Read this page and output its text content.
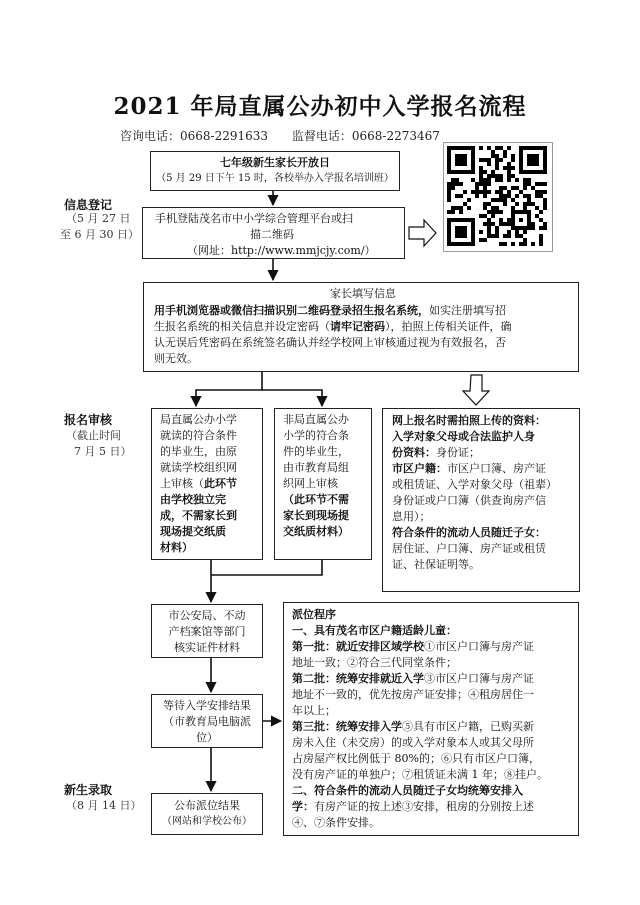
2021 年局直属公办初中入学报名流程
咨询电话：0668-2291633 监督电话：0668-2273467
信息登记
（5 月 27 日
至 6 月 30 日）
报名审核
（截止时间
7 月 5 日）
新生录取
（8 月 14 日）
七年级新生家长开放日
（5 月 29 日下午 15 时，各校举办入学报名培训班）
手机登陆茂名市中小学综合管理平台或扫
描二维码
（网址：http://www.mmjcjy.com/）
家长填写信息
用手机浏览器或微信扫描识别二维码登录招生报名系统，如实注册填写招
生报名系统的相关信息并设定密码（请牢记密码），拍照上传相关证件，确
认无误后凭密码在系统签名确认并经学校网上审核通过视为有效报名，否
则无效。
局直属公办小学
就读的符合条件
的毕业生，由原
就读学校组织网
上审核（此环节
由学校独立完
成，不需家长到
现场提交纸质
材料）
非局直属公办
小学的符合条
件的毕业生，
由市教育局组
织网上审核
（此环节不需
家长到现场提
交纸质材料）
网上报名时需拍照上传的资料：
入学对象父母或合法监护人身
份资料：身份证；
市区户籍：市区户口簿、房产证
或租赁证、入学对象父母（祖辈）
身份证或户口簿（供查询房产信
息用）；
符合条件的流动人员随迁子女：
居住证、户口簿、房产证或租赁
证、社保证明等。
市公安局、不动
产档案馆等部门
核实证件材料
等待入学安排结果
（市教育局电脑派
位）
公布派位结果
（网站和学校公布）
派位程序
一、具有茂名市区户籍适龄儿童：
第一批：就近安排区域学校①市区户口簿与房产证
地址一致；②符合三代同堂条件；
第二批：统筹安排就近入学③市区户口簿与房产证
地址不一致的，优先按房产证安排；④租房居住一
年以上；
第三批：统筹安排入学⑤具有市区户籍，已购买新
房未入住（未交房）的或入学对象本人或其父母所
占房屋产权比例低于 80%的；⑥只有市区户口簿，
没有房产证的单独户；⑦租赁证未满 1 年；⑧挂户。
二、符合条件的流动人员随迁子女均统筹安排入
学：有房产证的按上述③安排，租房的分别按上述
④、⑦条件安排。
